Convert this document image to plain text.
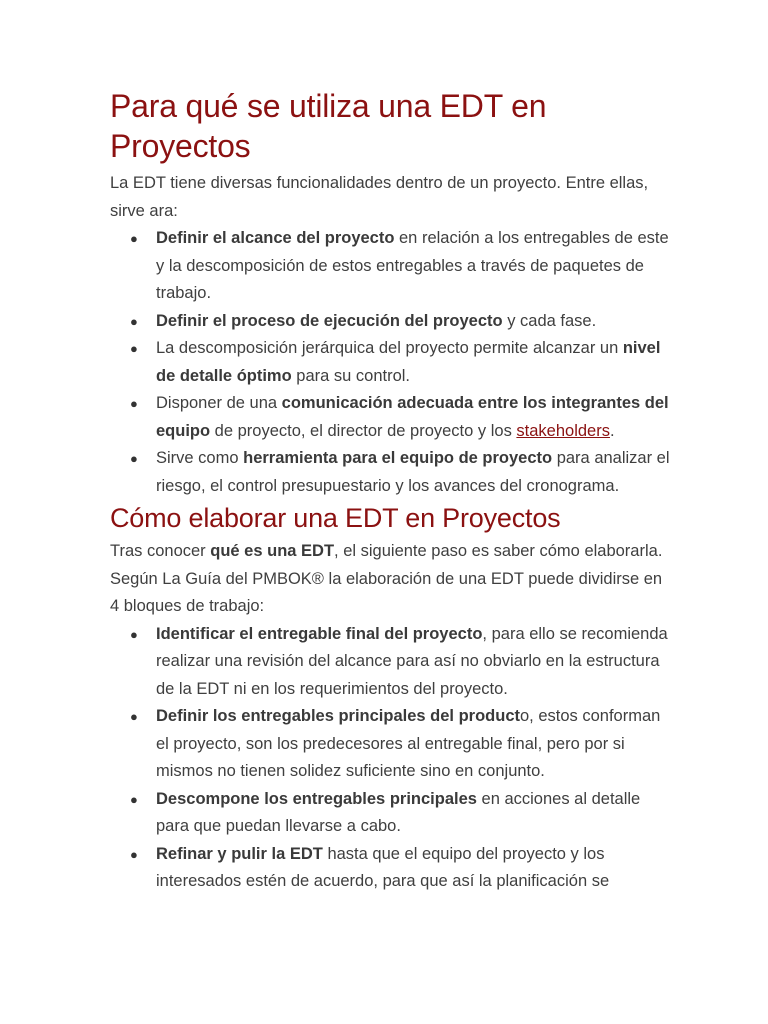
Para qué se utiliza una EDT en Proyectos

La EDT tiene diversas funcionalidades dentro de un proyecto. Entre ellas, sirve ara:

● Definir el alcance del proyecto en relación a los entregables de este y la descomposición de estos entregables a través de paquetes de trabajo.
● Definir el proceso de ejecución del proyecto y cada fase.
● La descomposición jerárquica del proyecto permite alcanzar un nivel de detalle óptimo para su control.
● Disponer de una comunicación adecuada entre los integrantes del equipo de proyecto, el director de proyecto y los stakeholders.
● Sirve como herramienta para el equipo de proyecto para analizar el riesgo, el control presupuestario y los avances del cronograma.
Cómo elaborar una EDT en Proyectos

Tras conocer qué es una EDT, el siguiente paso es saber cómo elaborarla. Según La Guía del PMBOK® la elaboración de una EDT puede dividirse en 4 bloques de trabajo:

● Identificar el entregable final del proyecto, para ello se recomienda realizar una revisión del alcance para así no obviarlo en la estructura de la EDT ni en los requerimientos del proyecto.
● Definir los entregables principales del producto, estos conforman el proyecto, son los predecesores al entregable final, pero por si mismos no tienen solidez suficiente sino en conjunto.
● Descompone los entregables principales en acciones al detalle para que puedan llevarse a cabo.
● Refinar y pulir la EDT hasta que el equipo del proyecto y los interesados estén de acuerdo, para que así la planificación se
